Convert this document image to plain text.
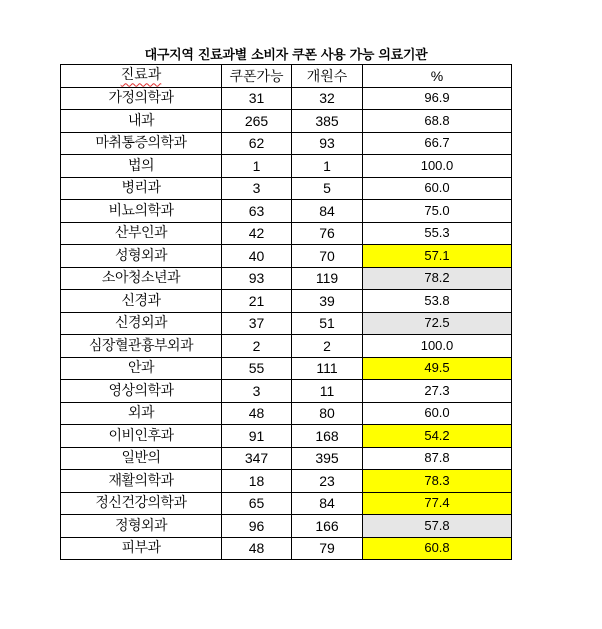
대구지역 진료과별 소비자 쿠폰 사용 가능 의료기관
진료과	쿠폰가능	개원수	%
가정의학과	31	32	96.9
내과	265	385	68.8
마취통증의학과	62	93	66.7
법의	1	1	100.0
병리과	3	5	60.0
비뇨의학과	63	84	75.0
산부인과	42	76	55.3
성형외과	40	70	57.1
소아청소년과	93	119	78.2
신경과	21	39	53.8
신경외과	37	51	72.5
심장혈관흉부외과	2	2	100.0
안과	55	111	49.5
영상의학과	3	11	27.3
외과	48	80	60.0
이비인후과	91	168	54.2
일반의	347	395	87.8
재활의학과	18	23	78.3
정신건강의학과	65	84	77.4
정형외과	96	166	57.8
피부과	48	79	60.8
